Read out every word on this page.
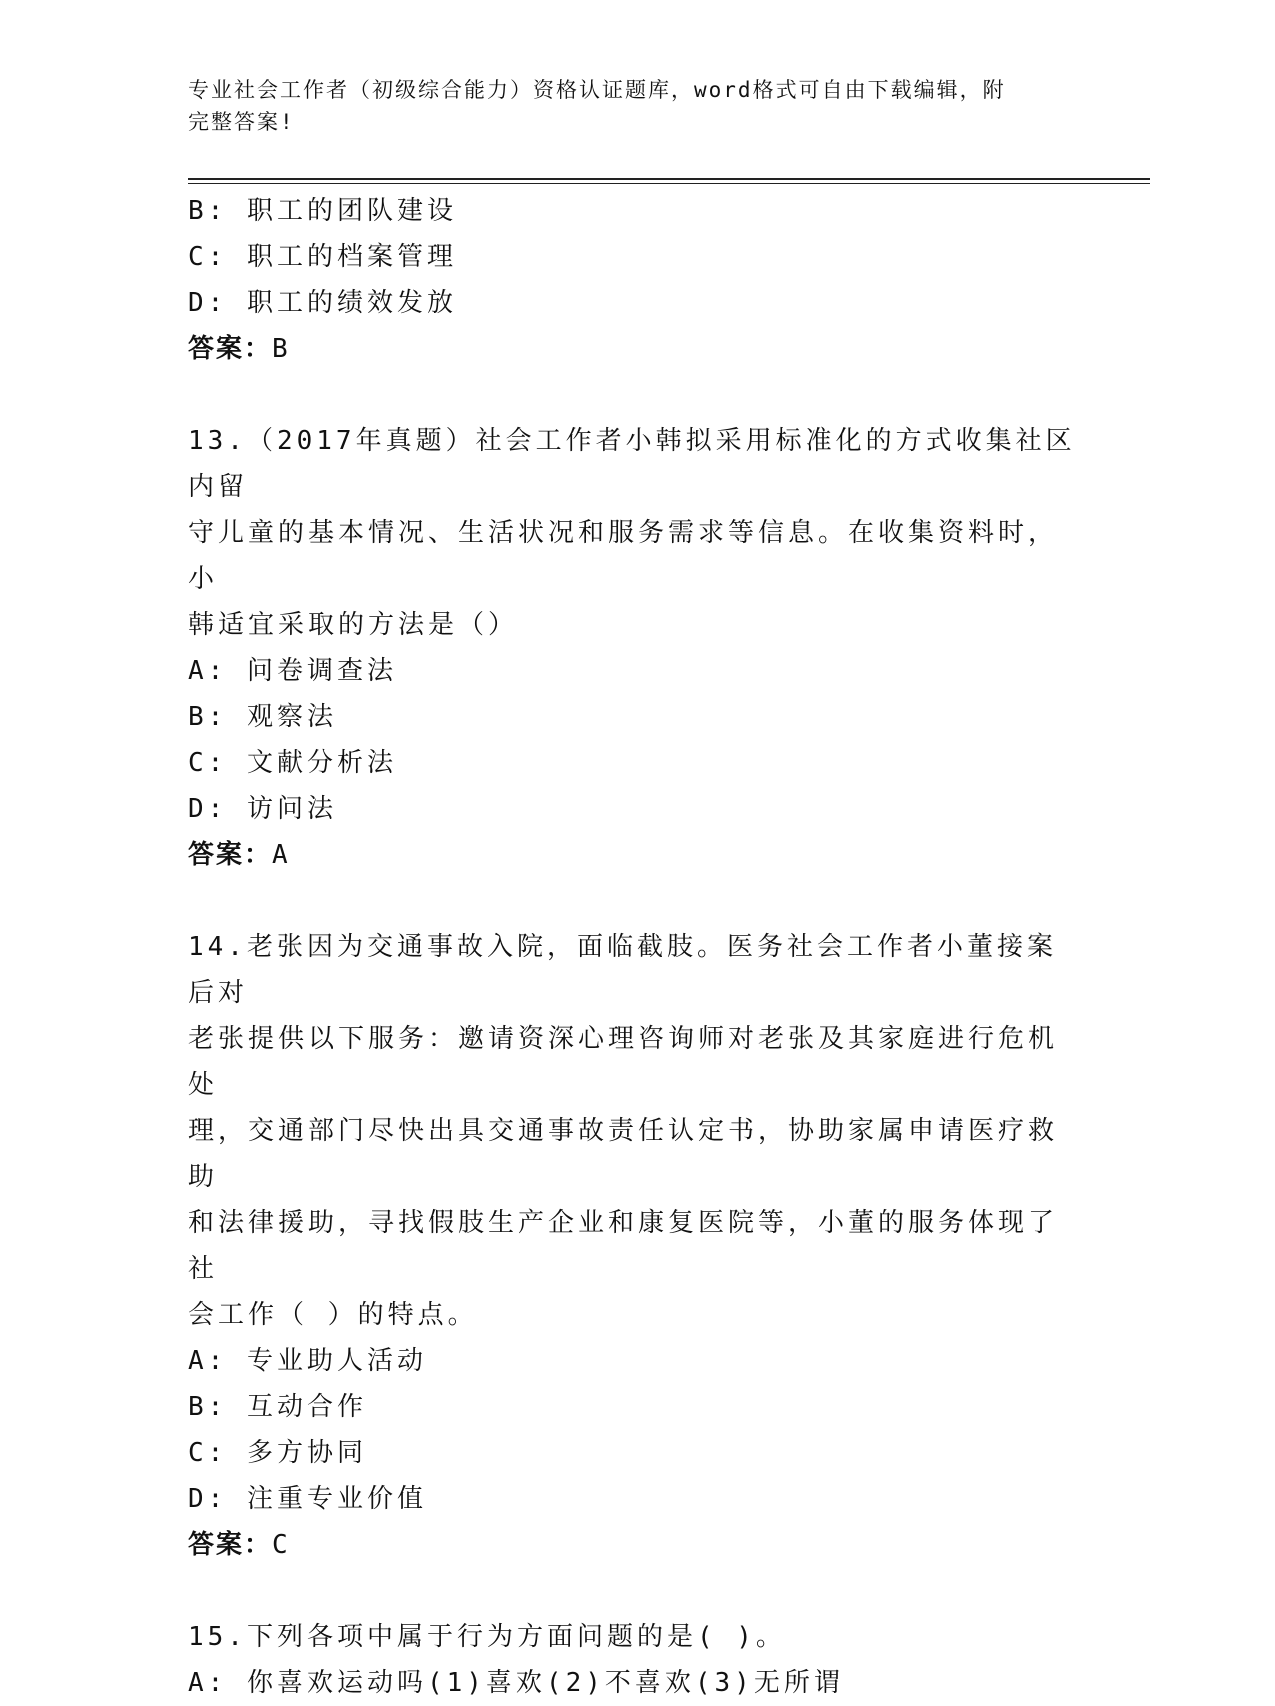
专业社会工作者（初级综合能力）资格认证题库，word格式可自由下载编辑，附
完整答案!
B: 职工的团队建设
C: 职工的档案管理
D: 职工的绩效发放
答案：B
13.（2017年真题）社会工作者小韩拟采用标准化的方式收集社区内留
守儿童的基本情况、生活状况和服务需求等信息。在收集资料时，小
韩适宜采取的方法是（）
A: 问卷调查法
B: 观察法
C: 文献分析法
D: 访问法
答案：A
14.老张因为交通事故入院，面临截肢。医务社会工作者小董接案后对
老张提供以下服务：邀请资深心理咨询师对老张及其家庭进行危机处
理，交通部门尽快出具交通事故责任认定书，协助家属申请医疗救助
和法律援助，寻找假肢生产企业和康复医院等，小董的服务体现了社
会工作（ ）的特点。
A: 专业助人活动
B: 互动合作
C: 多方协同
D: 注重专业价值
答案：C
15.下列各项中属于行为方面问题的是( )。
A: 你喜欢运动吗(1)喜欢(2)不喜欢(3)无所谓
